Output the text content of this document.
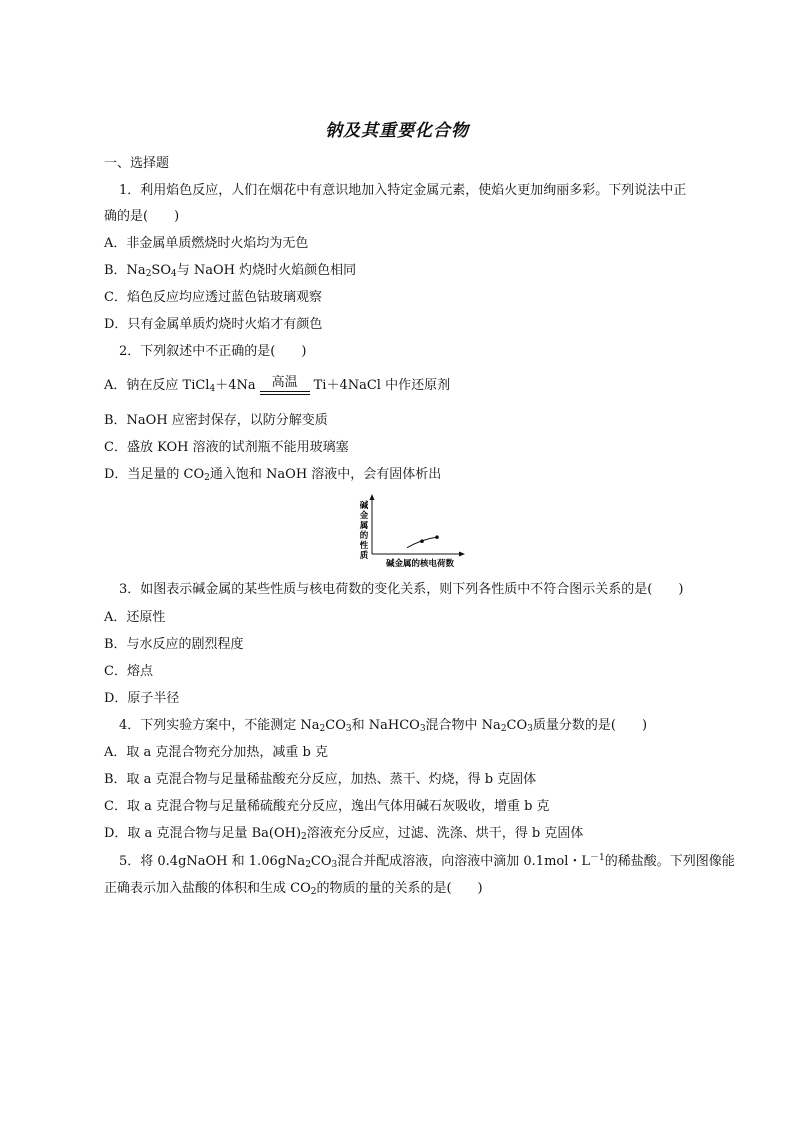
钠及其重要化合物
一、选择题
1．利用焰色反应，人们在烟花中有意识地加入特定金属元素，使焰火更加绚丽多彩。下列说法中正
确的是(　　)
A．非金属单质燃烧时火焰均为无色
B．$Na_2SO_4$与 NaOH 灼烧时火焰颜色相同
C．焰色反应均应透过蓝色钴玻璃观察
D．只有金属单质灼烧时火焰才有颜色
2．下列叙述中不正确的是(　　)
A．钠在反应 TiCl$_4$＋4Na	高温	Ti＋4NaCl 中作还原剂
B．NaOH 应密封保存，以防分解变质
C．盛放 KOH 溶液的试剂瓶不能用玻璃塞
D．当足量的 $CO_2$通入饱和 NaOH 溶液中，会有固体析出
碱
金
属
的
性
质
碱金属的核电荷数
3．如图表示碱金属的某些性质与核电荷数的变化关系，则下列各性质中不符合图示关系的是(　　)
A．还原性
B．与水反应的剧烈程度
C．熔点
D．原子半径
4．下列实验方案中，不能测定 $Na_2CO_3$和 NaHCO$_3$混合物中 $Na_2CO_3$质量分数的是(　　)
A．取 a 克混合物充分加热，减重 b 克
B．取 a 克混合物与足量稀盐酸充分反应，加热、蒸干、灼烧，得 b 克固体
C．取 a 克混合物与足量稀硫酸充分反应，逸出气体用碱石灰吸收，增重 b 克
D．取 a 克混合物与足量 $Ba(OH)_2$溶液充分反应，过滤、洗涤、烘干，得 b 克固体
5．将 0.4gNaOH 和 $1.06gNa_2CO_3$混合并配成溶液，向溶液中滴加 0.1mol・$L^{-1}$的稀盐酸。下列图像能
正确表示加入盐酸的体积和生成 $CO_2$的物质的量的关系的是(　　)
